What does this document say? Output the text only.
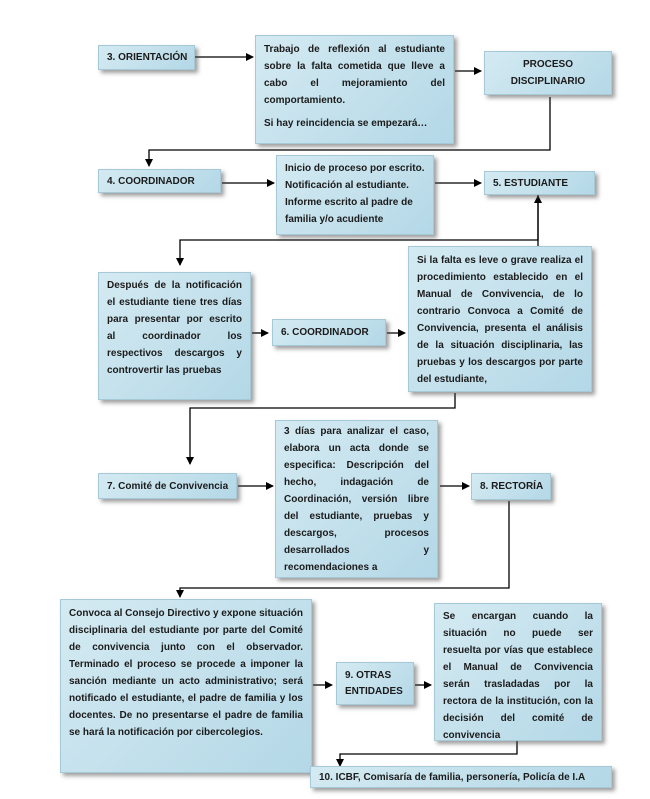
3. ORIENTACIÓN

Trabajo de reflexión al estudiante sobre la falta cometida que lleve a cabo el mejoramiento del comportamiento.

Si hay reincidencia se empezará…

PROCESO DISCIPLINARIO
4. COORDINADOR

Inicio de proceso por escrito. Notificación al estudiante. Informe escrito al padre de familia y/o acudiente

5. ESTUDIANTE

Si la falta es leve o grave realiza el procedimiento establecido en el Manual de Convivencia, de lo contrario Convoca a Comité de Convivencia, presenta el análisis de la situación disciplinaria, las pruebas y los descargos por parte del estudiante,

Después de la notificación el estudiante tiene tres días para presentar por escrito al coordinador los respectivos descargos y controvertir las pruebas

6. COORDINADOR
7. Comité de Convivencia

3 días para analizar el caso, elabora un acta donde se especifica: Descripción del hecho, indagación de Coordinación, versión libre del estudiante, pruebas y descargos, procesos desarrollados y recomendaciones a

8. RECTORÍA

Convoca al Consejo Directivo y expone situación disciplinaria del estudiante por parte del Comité de convivencia junto con el observador. Terminado el proceso se procede a imponer la sanción mediante un acto administrativo; será notificado el estudiante, el padre de familia y los docentes. De no presentarse el padre de familia se hará la notificación por cibercolegios.

9. OTRAS ENTIDADES

Se encargan cuando la situación no puede ser resuelta por vías que establece el Manual de Convivencia serán trasladadas por la rectora de la institución, con la decisión del comité de convivencia

10. ICBF, Comisaría de familia, personería, Policía de I.A
